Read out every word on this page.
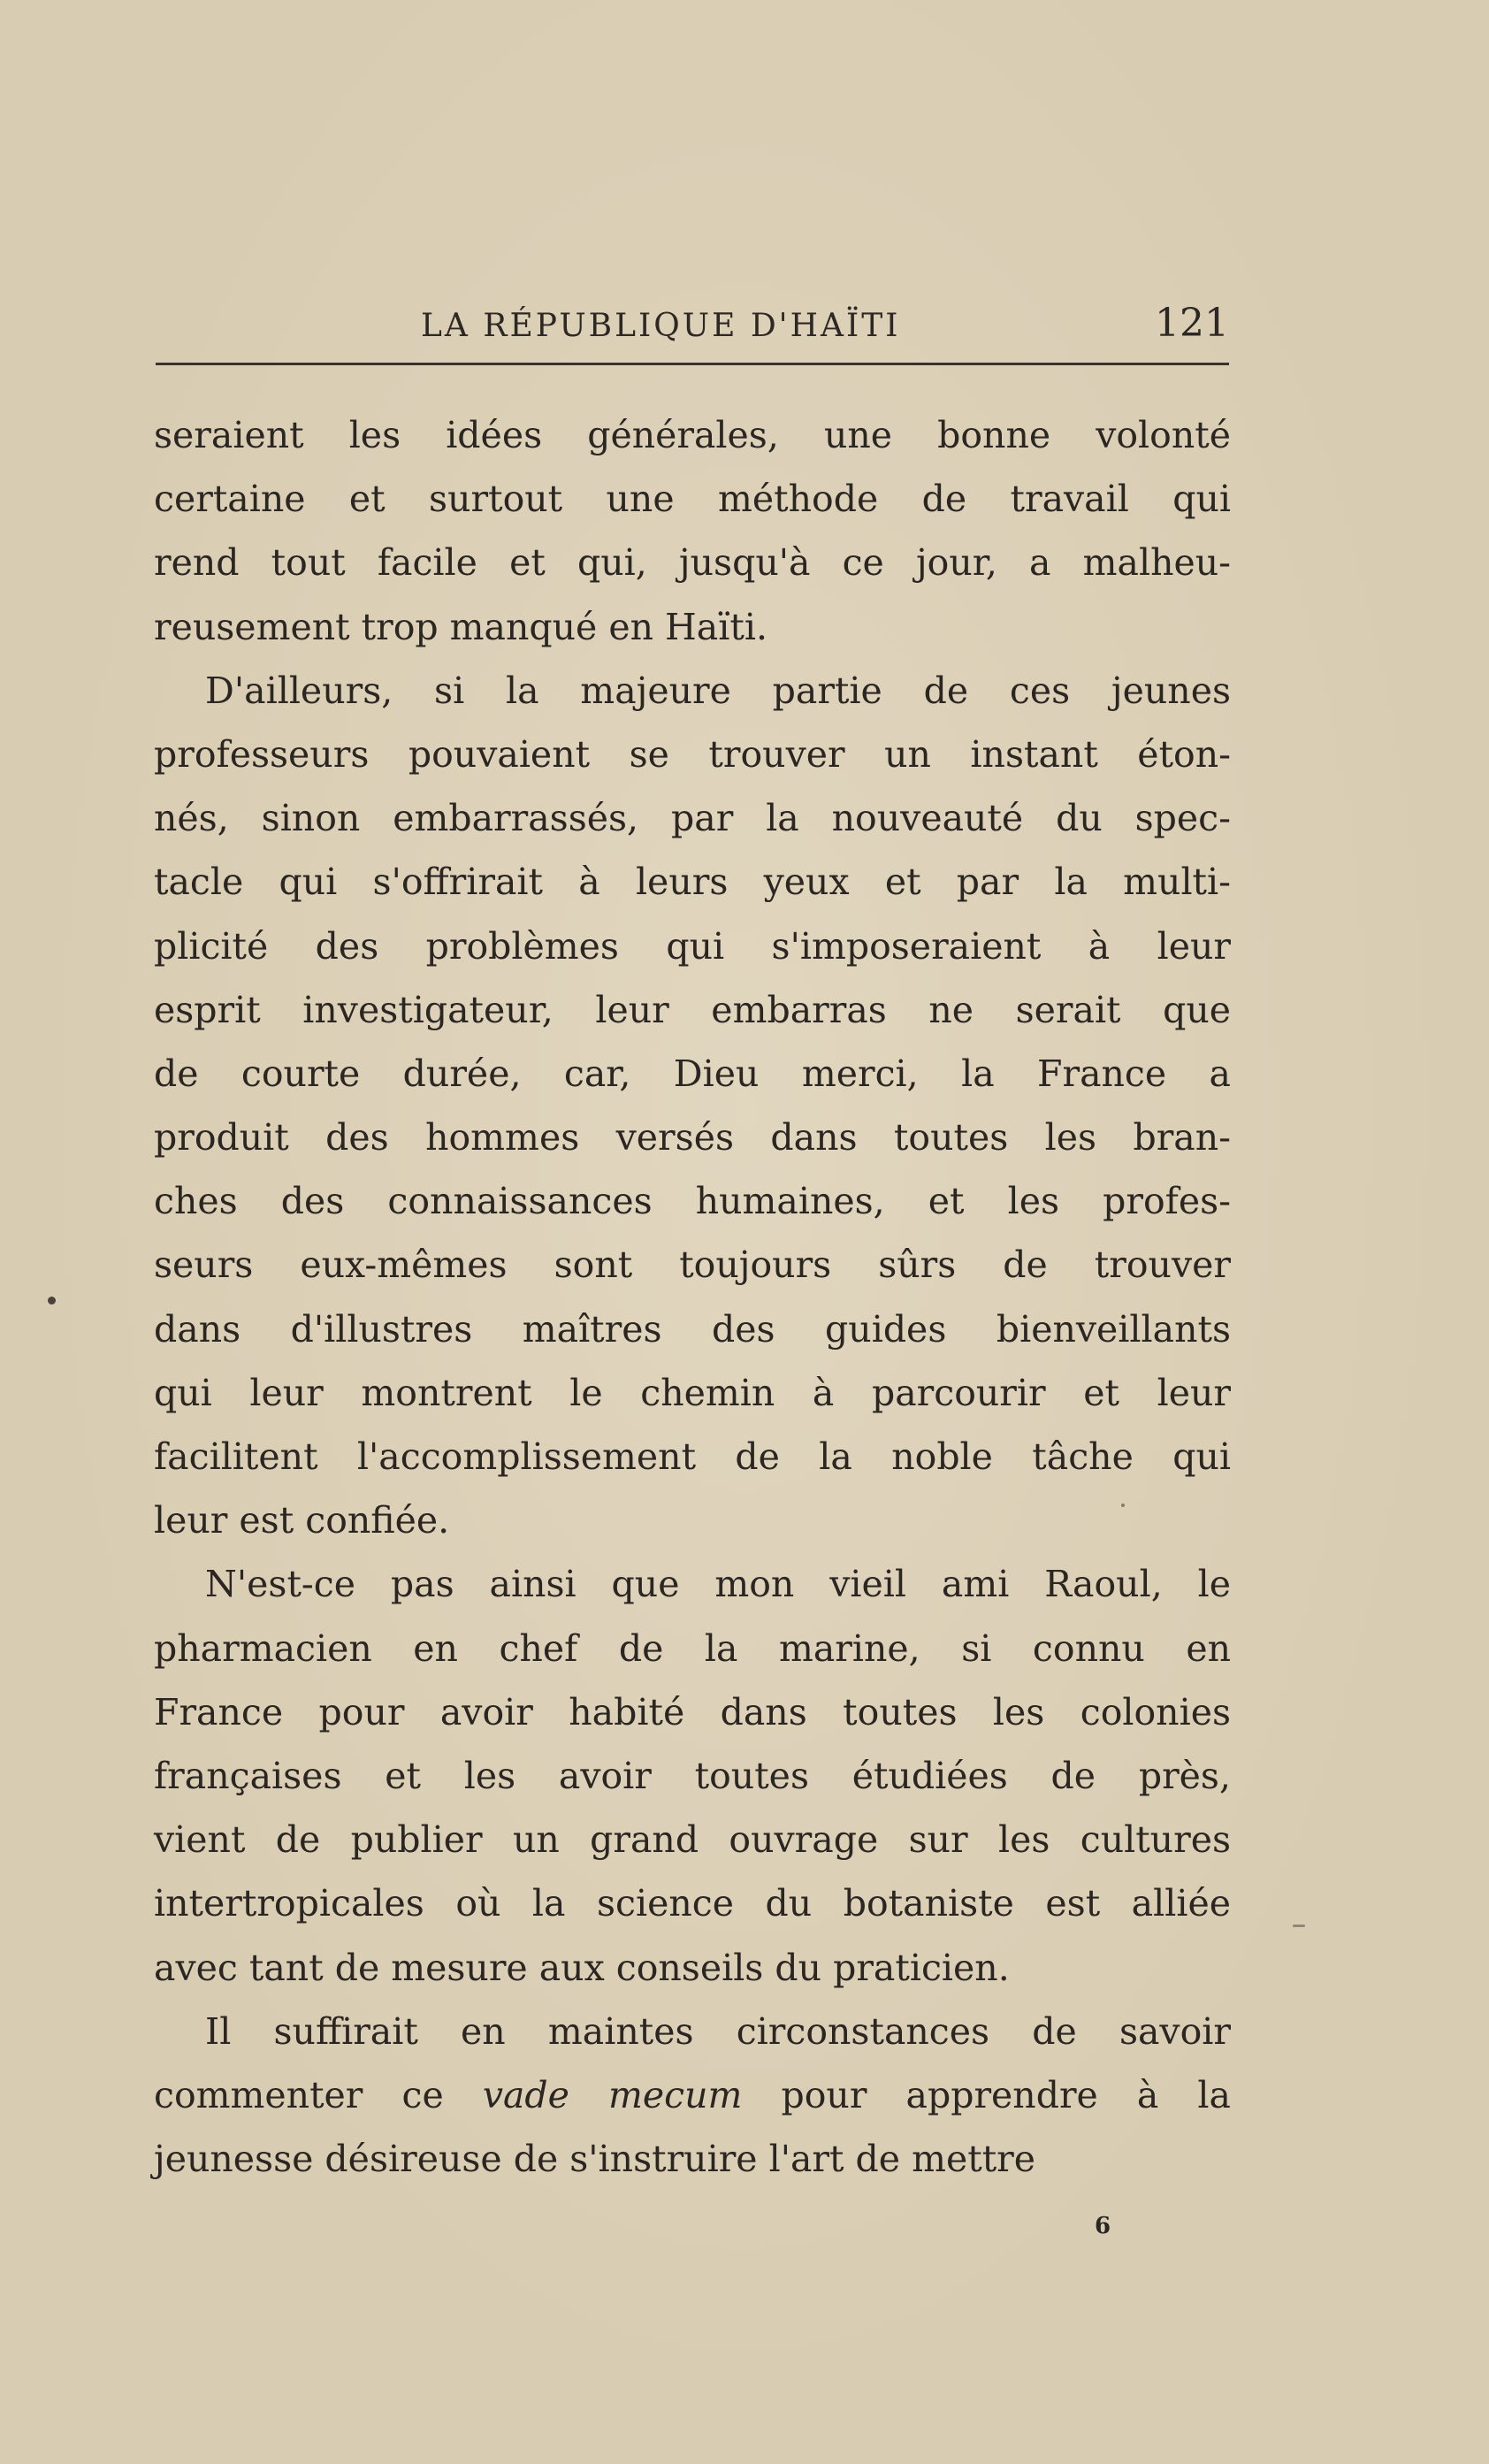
LA RÉPUBLIQUE D'HAÏTI	121
seraient les idées générales, une bonne volonté
certaine et surtout une méthode de travail qui
rend tout facile et qui, jusqu'à ce jour, a malheu-
reusement trop manqué en Haïti.
D'ailleurs, si la majeure partie de ces jeunes
professeurs pouvaient se trouver un instant éton-
nés, sinon embarrassés, par la nouveauté du spec-
tacle qui s'offrirait à leurs yeux et par la multi-
plicité des problèmes qui s'imposeraient à leur
esprit investigateur, leur embarras ne serait que
de courte durée, car, Dieu merci, la France a
produit des hommes versés dans toutes les bran-
ches des connaissances humaines, et les profes-
seurs eux-mêmes sont toujours sûrs de trouver
dans d'illustres maîtres des guides bienveillants
qui leur montrent le chemin à parcourir et leur
facilitent l'accomplissement de la noble tâche qui
leur est confiée.
N'est-ce pas ainsi que mon vieil ami Raoul, le
pharmacien en chef de la marine, si connu en
France pour avoir habité dans toutes les colonies
françaises et les avoir toutes étudiées de près,
vient de publier un grand ouvrage sur les cultures
intertropicales où la science du botaniste est alliée
avec tant de mesure aux conseils du praticien.
Il suffirait en maintes circonstances de savoir
commenter ce vade mecum pour apprendre à la
jeunesse désireuse de s'instruire l'art de mettre
6
